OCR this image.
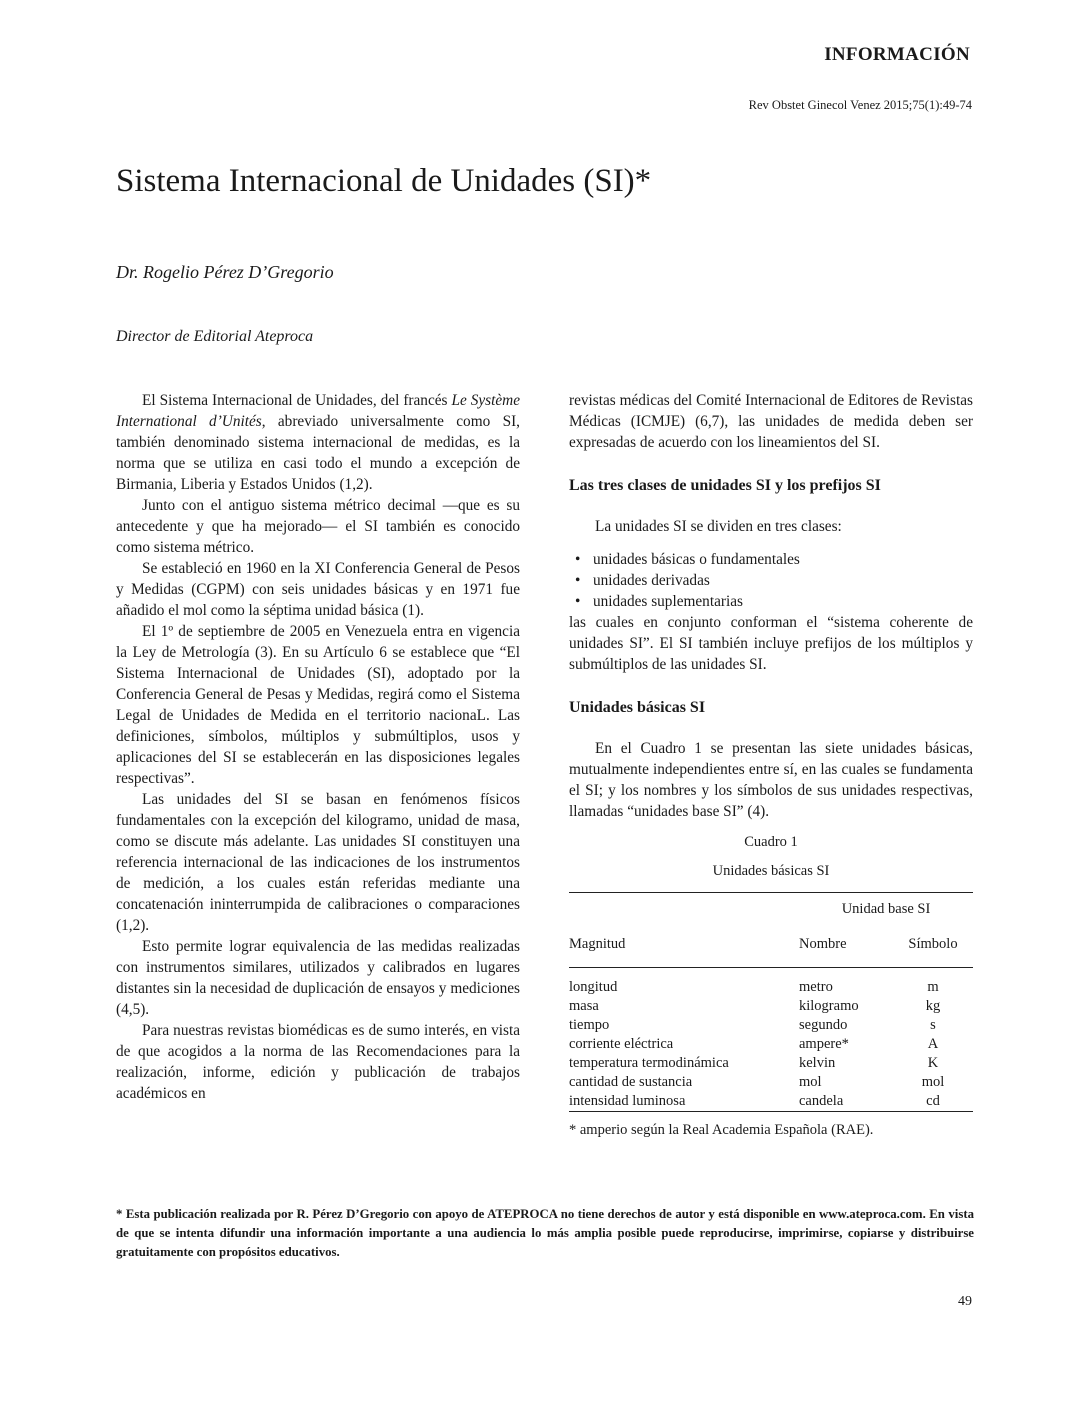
INFORMACIÓN
Rev Obstet Ginecol Venez 2015;75(1):49-74
Sistema Internacional de Unidades (SI)*
Dr. Rogelio Pérez D’Gregorio
Director de Editorial Ateproca

El Sistema Internacional de Unidades, del francés Le Système International d’Unités, abreviado universalmente como SI, también denominado sistema internacional de medidas, es la norma que se utiliza en casi todo el mundo a excepción de Birmania, Liberia y Estados Unidos (1,2).

Junto con el antiguo sistema métrico decimal —que es su antecedente y que ha mejorado— el SI también es conocido como sistema métrico.

Se estableció en 1960 en la XI Conferencia General de Pesos y Medidas (CGPM) con seis unidades básicas y en 1971 fue añadido el mol como la séptima unidad básica (1).

El 1º de septiembre de 2005 en Venezuela entra en vigencia la Ley de Metrología (3). En su Artículo 6 se establece que “El Sistema Internacional de Unidades (SI), adoptado por la Conferencia General de Pesas y Medidas, regirá como el Sistema Legal de Unidades de Medida en el territorio nacionaL. Las definiciones, símbolos, múltiplos y submúltiplos, usos y aplicaciones del SI se establecerán en las disposiciones legales respectivas”.

Las unidades del SI se basan en fenómenos físicos fundamentales con la excepción del kilogramo, unidad de masa, como se discute más adelante. Las unidades SI constituyen una referencia internacional de las indicaciones de los instrumentos de medición, a los cuales están referidas mediante una concatenación ininterrumpida de calibraciones o comparaciones (1,2).

Esto permite lograr equivalencia de las medidas realizadas con instrumentos similares, utilizados y calibrados en lugares distantes sin la necesidad de duplicación de ensayos y mediciones (4,5).

Para nuestras revistas biomédicas es de sumo interés, en vista de que acogidos a la norma de las Recomendaciones para la realización, informe, edición y publicación de trabajos académicos en

revistas médicas del Comité Internacional de Editores de Revistas Médicas (ICMJE) (6,7), las unidades de medida deben ser expresadas de acuerdo con los lineamientos del SI.

Las tres clases de unidades SI y los prefijos SI

La unidades SI se dividen en tres clases:

• unidades básicas o fundamentales
• unidades derivadas
• unidades suplementarias

las cuales en conjunto conforman el “sistema coherente de unidades SI”. El SI también incluye prefijos de los múltiplos y submúltiplos de las unidades SI.

Unidades básicas SI

En el Cuadro 1 se presentan las siete unidades básicas, mutualmente independientes entre sí, en las cuales se fundamenta el SI; y los nombres y los símbolos de sus unidades respectivas, llamadas “unidades base SI” (4).

Cuadro 1
Unidades básicas SI
	Unidad base SI	
Magnitud	Nombre	Símbolo

longitud	metro	m
masa	kilogramo	kg
tiempo	segundo	s
corriente eléctrica	ampere*	A
temperatura termodinámica	kelvin	K
cantidad de sustancia	mol	mol
intensidad luminosa	candela	cd

* amperio según la Real Academia Española (RAE).
* Esta publicación realizada por R. Pérez D’Gregorio con apoyo de ATEPROCA no tiene derechos de autor y está disponible en www.ateproca.com. En vista de que se intenta difundir una información importante a una audiencia lo más amplia posible puede reproducirse, imprimirse, copiarse y distribuirse gratuitamente con propósitos educativos.
49
